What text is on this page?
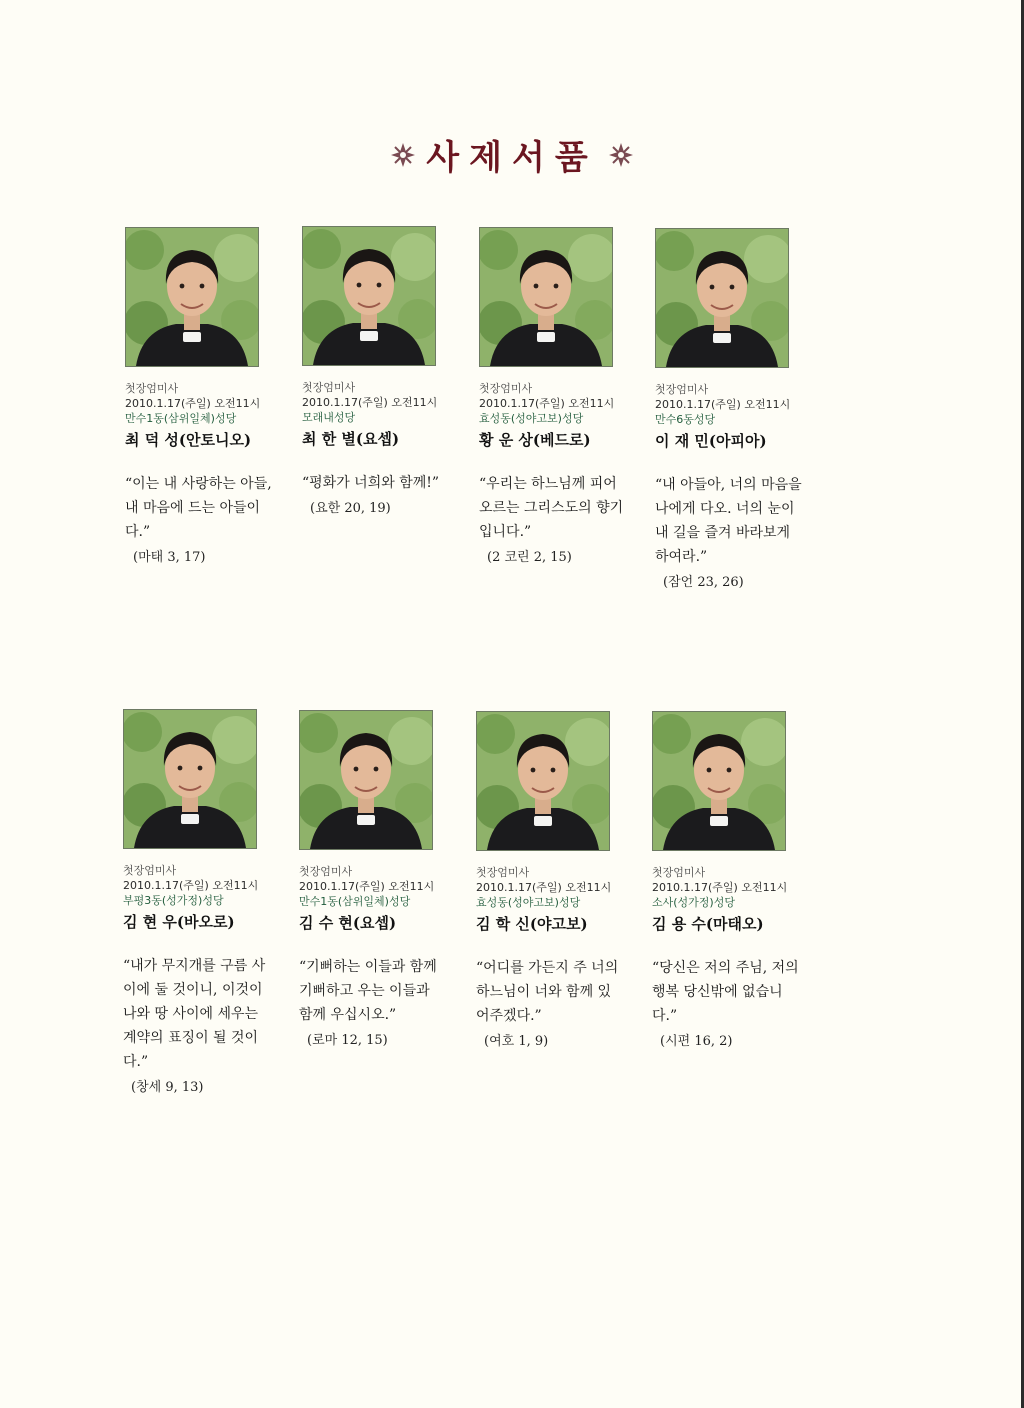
사제서품
첫장엄미사
2010.1.17(주일) 오전11시
만수1동(삼위일체)성당
최 덕 성(안토니오)
“이는 내 사랑하는 아들, 내 마음에 드는 아들이다.”
(마태 3, 17)
첫장엄미사
2010.1.17(주일) 오전11시
모래내성당
최 한 별(요셉)
“평화가 너희와 함께!”
(요한 20, 19)
첫장엄미사
2010.1.17(주일) 오전11시
효성동(성야고보)성당
황 운 상(베드로)
“우리는 하느님께 피어오르는 그리스도의 향기입니다.”
(2 코린 2, 15)
첫장엄미사
2010.1.17(주일) 오전11시
만수6동성당
이 재 민(아피아)
“내 아들아, 너의 마음을 나에게 다오. 너의 눈이 내 길을 즐겨 바라보게 하여라.”
(잠언 23, 26)
첫장엄미사
2010.1.17(주일) 오전11시
부평3동(성가정)성당
김 현 우(바오로)
“내가 무지개를 구름 사이에 둘 것이니, 이것이 나와 땅 사이에 세우는 계약의 표징이 될 것이다.”
(창세 9, 13)
첫장엄미사
2010.1.17(주일) 오전11시
만수1동(삼위일체)성당
김 수 현(요셉)
“기뻐하는 이들과 함께 기뻐하고 우는 이들과 함께 우십시오.”
(로마 12, 15)
첫장엄미사
2010.1.17(주일) 오전11시
효성동(성야고보)성당
김 학 신(야고보)
“어디를 가든지 주 너의 하느님이 너와 함께 있어주겠다.”
(여호 1, 9)
첫장엄미사
2010.1.17(주일) 오전11시
소사(성가정)성당
김 용 수(마태오)
“당신은 저의 주님, 저의 행복 당신밖에 없습니다.”
(시편 16, 2)
